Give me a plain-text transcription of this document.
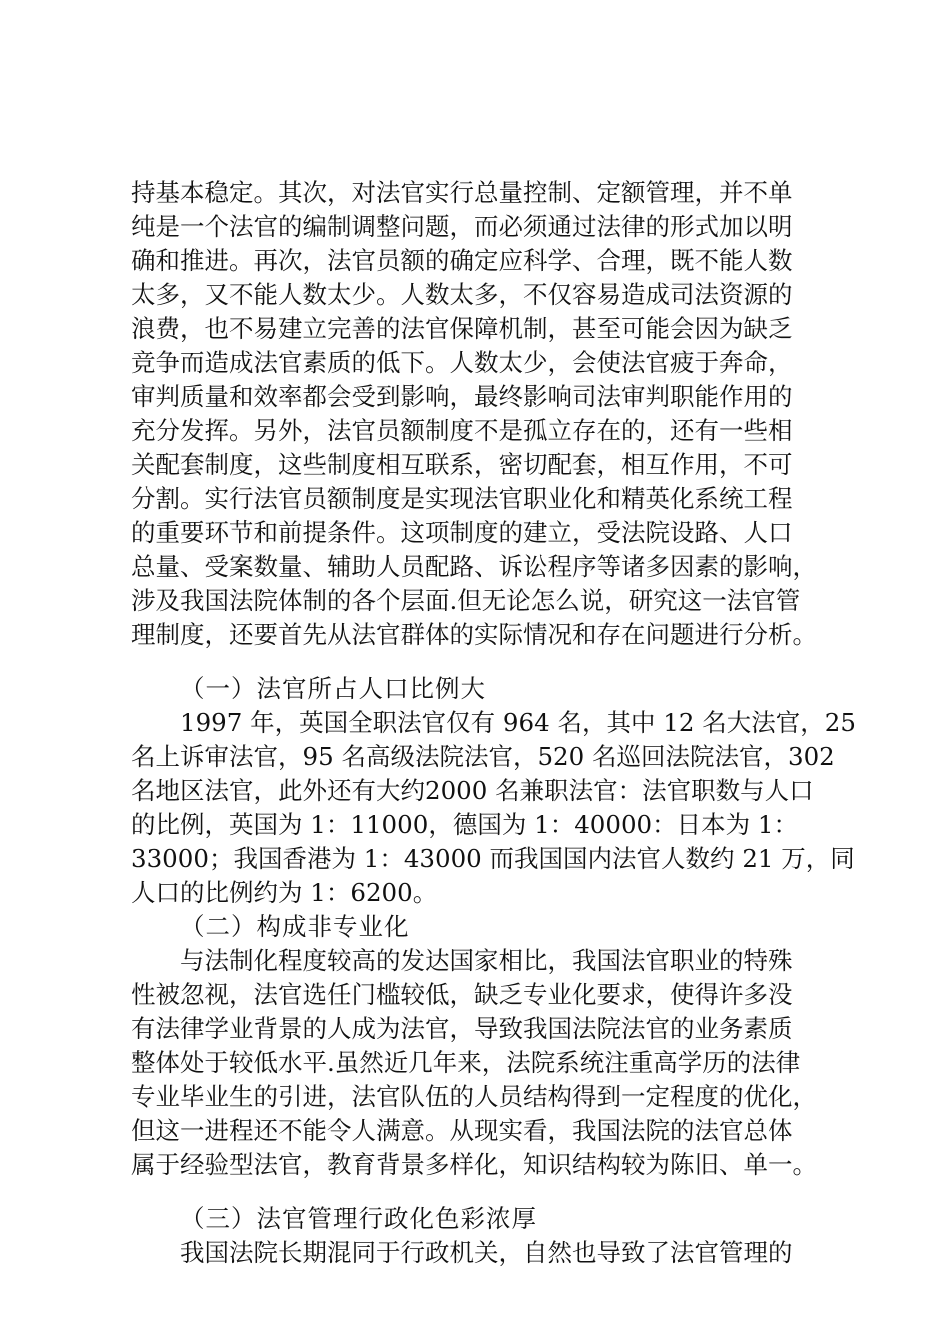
持基本稳定。其次，对法官实行总量控制、定额管理，并不单
纯是一个法官的编制调整问题，而必须通过法律的形式加以明
确和推进。再次，法官员额的确定应科学、合理，既不能人数
太多，又不能人数太少。人数太多，不仅容易造成司法资源的
浪费，也不易建立完善的法官保障机制，甚至可能会因为缺乏
竞争而造成法官素质的低下。人数太少，会使法官疲于奔命，
审判质量和效率都会受到影响，最终影响司法审判职能作用的
充分发挥。另外，法官员额制度不是孤立存在的，还有一些相
关配套制度，这些制度相互联系，密切配套，相互作用，不可
分割。实行法官员额制度是实现法官职业化和精英化系统工程
的重要环节和前提条件。这项制度的建立，受法院设路、人口
总量、受案数量、辅助人员配路、诉讼程序等诸多因素的影响，
涉及我国法院体制的各个层面.但无论怎么说，研究这一法官管
理制度，还要首先从法官群体的实际情况和存在问题进行分析。
（一）法官所占人口比例大
1997 年，英国全职法官仅有 964 名，其中 12 名大法官，25
名上诉审法官，95 名高级法院法官，520 名巡回法院法官，302
名地区法官，此外还有大约2000 名兼职法官：法官职数与人口
的比例，英国为 1：11000，德国为 1：40000：日本为 1：
33000；我国香港为 1：43000 而我国国内法官人数约 21 万，同
人口的比例约为 1：6200。
（二）构成非专业化
与法制化程度较高的发达国家相比，我国法官职业的特殊
性被忽视，法官选任门槛较低，缺乏专业化要求，使得许多没
有法律学业背景的人成为法官，导致我国法院法官的业务素质
整体处于较低水平.虽然近几年来，法院系统注重高学历的法律
专业毕业生的引进，法官队伍的人员结构得到一定程度的优化，
但这一进程还不能令人满意。从现实看，我国法院的法官总体
属于经验型法官，教育背景多样化，知识结构较为陈旧、单一。
（三）法官管理行政化色彩浓厚
我国法院长期混同于行政机关，自然也导致了法官管理的
